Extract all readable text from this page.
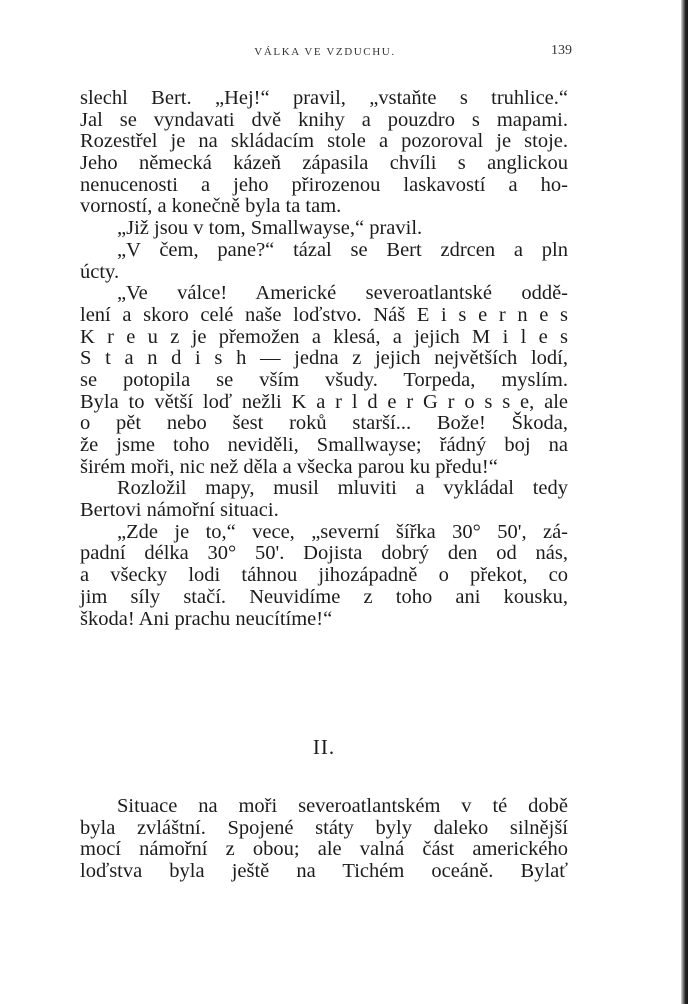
VÁLKA VE VZDUCHU.	139
slechl Bert. „Hej!“ pravil, „vstaňte s truhlice.“
Jal se vyndavati dvě knihy a pouzdro s mapami.
Rozestřel je na skládacím stole a pozoroval je stoje.
Jeho německá kázeň zápasila chvíli s anglickou
nenucenosti a jeho přirozenou laskavostí a ho-
vorností, a konečně byla ta tam.
„Již jsou v tom, Smallwayse,“ pravil.
„V čem, pane?“ tázal se Bert zdrcen a pln
úcty.
„Ve válce! Americké severoatlantské oddě-
lení a skoro celé naše loďstvo. Náš E i s e r n e s
K r e u z je přemožen a klesá, a jejich M i l e s
S t a n d i s h — jedna z jejich největších lodí,
se potopila se vším všudy. Torpeda, myslím.
Byla to větší loď nežli K a r l d e r G r o s s e, ale
o pět nebo šest roků starší... Bože! Škoda,
že jsme toho neviděli, Smallwayse; řádný boj na
širém moři, nic než děla a všecka parou ku předu!“
Rozložil mapy, musil mluviti a vykládal tedy
Bertovi námořní situaci.
„Zde je to,“ vece, „severní šířka 30° 50', zá-
padní délka 30° 50'. Dojista dobrý den od nás,
a všecky lodi táhnou jihozápadně o překot, co
jim síly stačí. Neuvidíme z toho ani kousku,
škoda! Ani prachu neucítíme!“
II.
Situace na moři severoatlantském v té době
byla zvláštní. Spojené státy byly daleko silnější
mocí námořní z obou; ale valná část amerického
loďstva byla ještě na Tichém oceáně. Bylať
